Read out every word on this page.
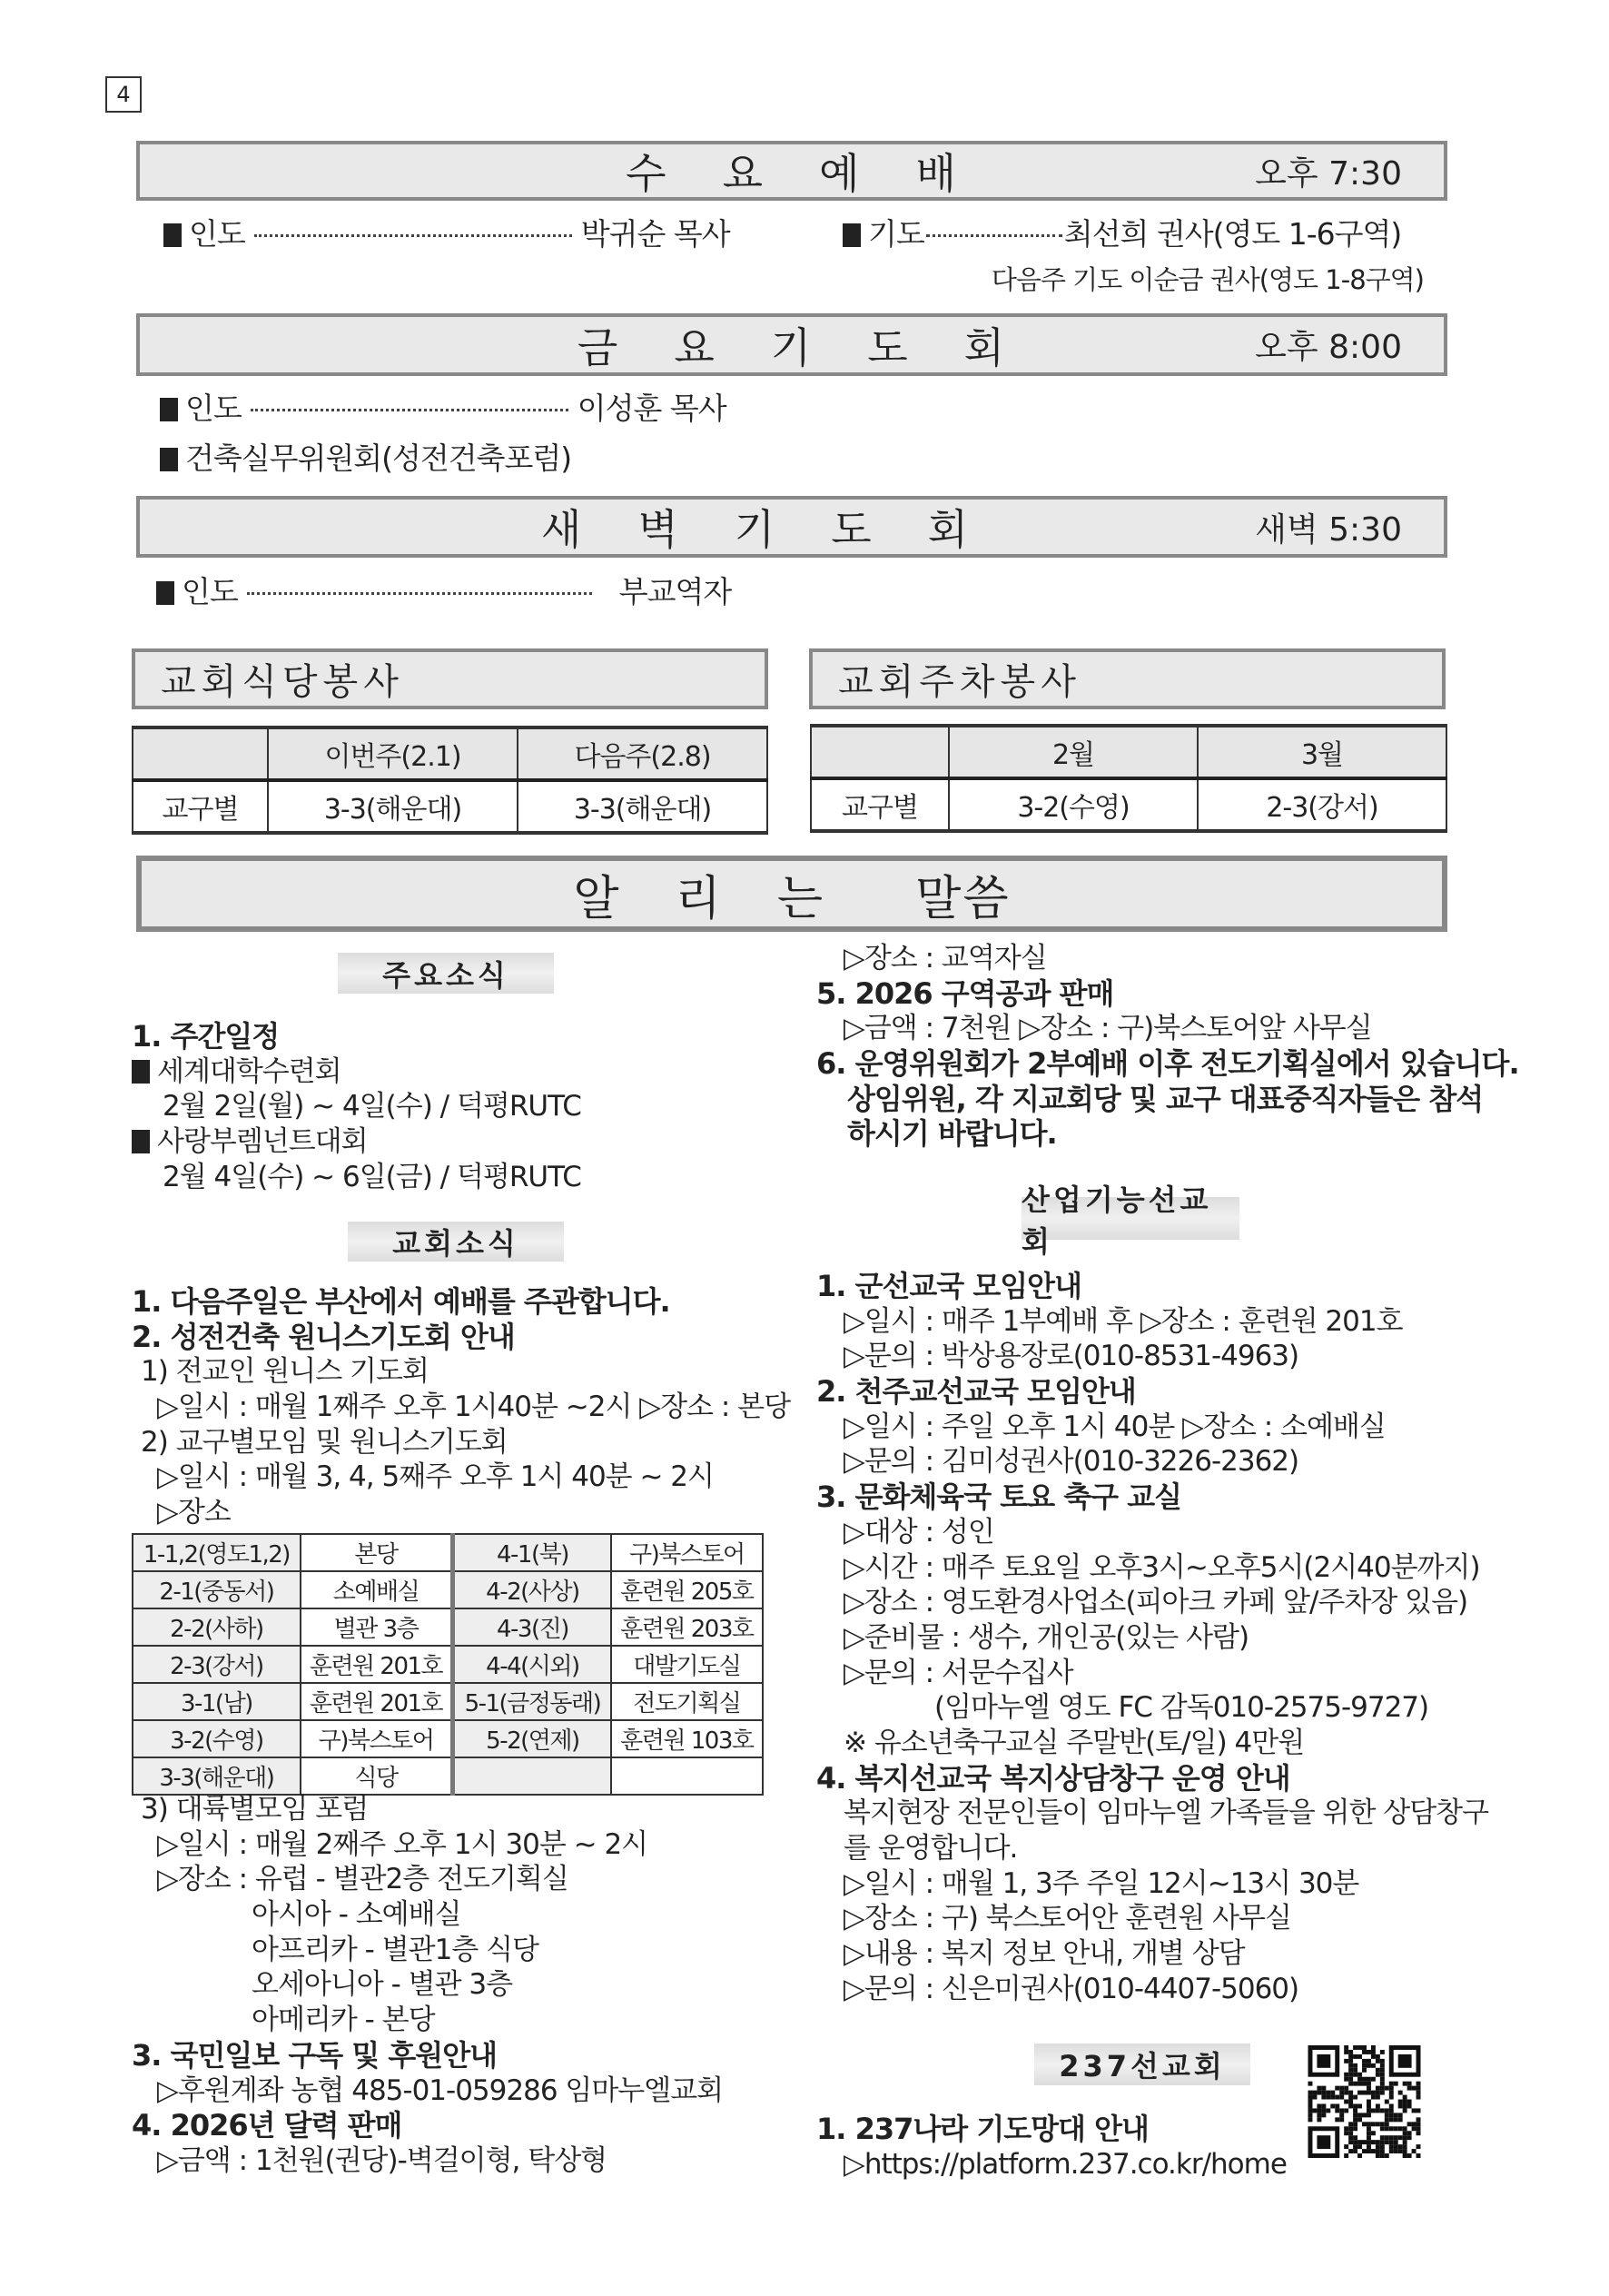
4
수 요 예 배	오후 7:30
인도	박귀순 목사	기도	최선희 권사(영도 1-6구역)
다음주 기도 이순금 권사(영도 1-8구역)
금 요 기 도 회	오후 8:00
인도	이성훈 목사
건축실무위원회(성전건축포럼)
새 벽 기 도 회	새벽 5:30
인도	부교역자
교회식당봉사	교회주차봉사
	이번주(2.1)	다음주(2.8)
교구별	3-3(해운대)	3-3(해운대)
	2월	3월
교구별	3-2(수영)	2-3(강서)
알 리 는 말씀
주요소식
1. 주간일정
세계대학수련회
2월 2일(월) ~ 4일(수) / 덕평RUTC
사랑부렘넌트대회
2월 4일(수) ~ 6일(금) / 덕평RUTC
교회소식
1. 다음주일은 부산에서 예배를 주관합니다.
2. 성전건축 원니스기도회 안내
1) 전교인 원니스 기도회
▷일시 : 매월 1째주 오후 1시40분 ~2시 ▷장소 : 본당
2) 교구별모임 및 원니스기도회
▷일시 : 매월 3, 4, 5째주 오후 1시 40분 ~ 2시
▷장소
1-1,2(영도1,2)	본당	4-1(북)	구)북스토어
2-1(중동서)	소예배실	4-2(사상)	훈련원 205호
2-2(사하)	별관 3층	4-3(진)	훈련원 203호
2-3(강서)	훈련원 201호	4-4(시외)	대발기도실
3-1(남)	훈련원 201호	5-1(금정동래)	전도기획실
3-2(수영)	구)북스토어	5-2(연제)	훈련원 103호
3-3(해운대)	식당		
3) 대륙별모임 포럼
▷일시 : 매월 2째주 오후 1시 30분 ~ 2시
▷장소 : 유럽 - 별관2층 전도기획실
아시아 - 소예배실
아프리카 - 별관1층 식당
오세아니아 - 별관 3층
아메리카 - 본당
3. 국민일보 구독 및 후원안내
▷후원계좌 농협 485-01-059286 임마누엘교회
4. 2026년 달력 판매
▷금액 : 1천원(권당)-벽걸이형, 탁상형
▷장소 : 교역자실
5. 2026 구역공과 판매
▷금액 : 7천원 ▷장소 : 구)북스토어앞 사무실
6. 운영위원회가 2부예배 이후 전도기획실에서 있습니다.
상임위원, 각 지교회당 및 교구 대표중직자들은 참석
하시기 바랍니다.
산업기능선교회
1. 군선교국 모임안내
▷일시 : 매주 1부예배 후 ▷장소 : 훈련원 201호
▷문의 : 박상용장로(010-8531-4963)
2. 천주교선교국 모임안내
▷일시 : 주일 오후 1시 40분 ▷장소 : 소예배실
▷문의 : 김미성권사(010-3226-2362)
3. 문화체육국 토요 축구 교실
▷대상 : 성인
▷시간 : 매주 토요일 오후3시~오후5시(2시40분까지)
▷장소 : 영도환경사업소(피아크 카페 앞/주차장 있음)
▷준비물 : 생수, 개인공(있는 사람)
▷문의 : 서문수집사
(임마누엘 영도 FC 감독010-2575-9727)
※ 유소년축구교실 주말반(토/일) 4만원
4. 복지선교국 복지상담창구 운영 안내
복지현장 전문인들이 임마누엘 가족들을 위한 상담창구
를 운영합니다.
▷일시 : 매월 1, 3주 주일 12시~13시 30분
▷장소 : 구) 북스토어안 훈련원 사무실
▷내용 : 복지 정보 안내, 개별 상담
▷문의 : 신은미권사(010-4407-5060)
237선교회
1. 237나라 기도망대 안내
▷https://platform.237.co.kr/home
